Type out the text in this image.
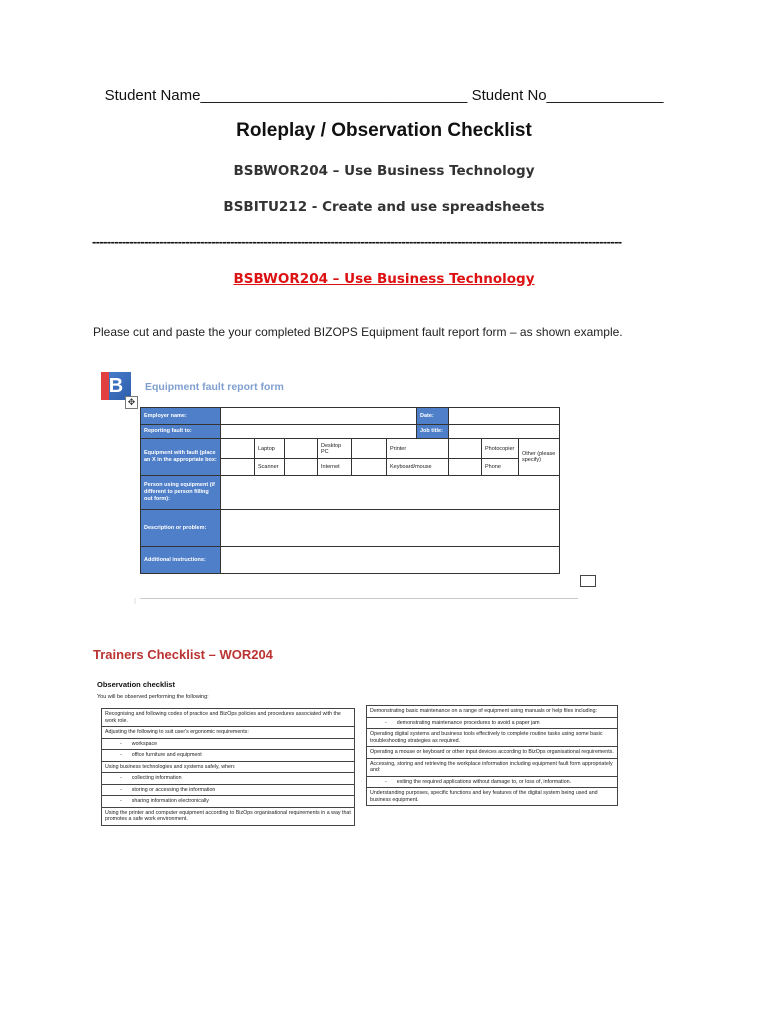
Student Name________________________________ Student No______________
Roleplay / Observation Checklist
BSBWOR204 – Use Business Technology
BSBITU212 - Create and use spreadsheets
----------------------------------------------------------------------------------------------------------------------------------------------
BSBWOR204 – Use Business Technology
Please cut and paste the your completed BIZOPS Equipment fault report form – as shown example.
B	Equipment fault report form
✥
Employer name:							Date:			
Reporting fault to:							Job title:			
Equipment with fault (place an X in the appropriate box:		Laptop		Desktop PC		Printer			Photocopier	Other (please specify)
		Scanner		Internet		Keyboard/mouse			Phone	
Person using equipment (if different to person filling out form):										
Description or problem:										
Additional instructions:										
Trainers Checklist – WOR204
Observation checklist
You will be observed performing the following:
Recognising and following codes of practice and BizOps policies and procedures associated with the work role.
Adjusting the following to suit user's ergonomic requirements:
- workspace
- office furniture and equipment
Using business technologies and systems safely, when:
- collecting information
- storing or accessing the information
- sharing information electronically
Using the printer and computer equipment according to BizOps organisational requirements in a way that promotes a safe work environment.
Demonstrating basic maintenance on a range of equipment using manuals or help files including:
- demonstrating maintenance procedures to avoid a paper jam
Operating digital systems and business tools effectively to complete routine tasks using some basic troubleshooting strategies as required.
Operating a mouse or keyboard or other input devices according to BizOps organisational requirements.
Accessing, storing and retrieving the workplace information including equipment fault form appropriately and:
- exiting the required applications without damage to, or loss of, information.
Understanding purposes, specific functions and key features of the digital system being used and business equipment.
